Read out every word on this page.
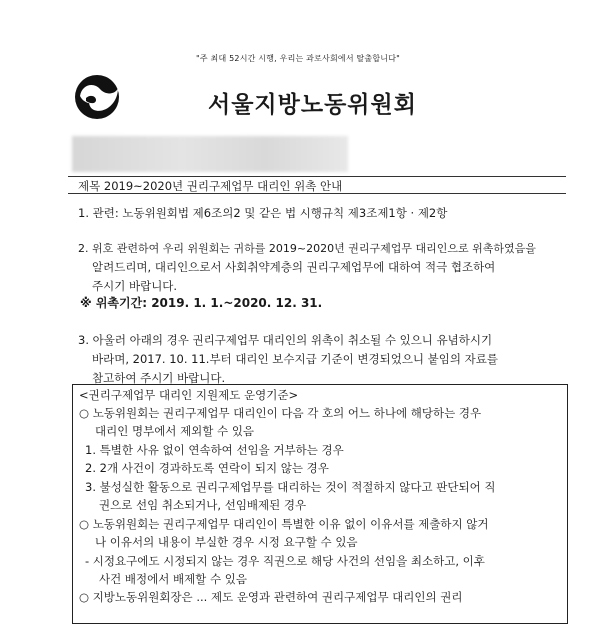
"주 최대 52시간 시행, 우리는 과로사회에서 탈출합니다"
서울지방노동위원회
제목 2019~2020년 권리구제업무 대리인 위촉 안내
1. 관련: 노동위원회법 제6조의2 및 같은 법 시행규칙 제3조제1항 · 제2항
2. 위호 관련하여 우리 위원회는 귀하를 2019~2020년 권리구제업무 대리인으로 위촉하였음을
알려드리며, 대리인으로서 사회취약계층의 권리구제업무에 대하여 적극 협조하여
주시기 바랍니다.
※ 위촉기간: 2019. 1. 1.~2020. 12. 31.
3. 아울러 아래의 경우 권리구제업무 대리인의 위촉이 취소될 수 있으니 유념하시기
바라며, 2017. 10. 11.부터 대리인 보수지급 기준이 변경되었으니 붙임의 자료를
참고하여 주시기 바랍니다.
<권리구제업무 대리인 지원제도 운영기준>
○ 노동위원회는 권리구제업무 대리인이 다음 각 호의 어느 하나에 해당하는 경우
대리인 명부에서 제외할 수 있음
1. 특별한 사유 없이 연속하여 선임을 거부하는 경우
2. 2개 사건이 경과하도록 연락이 되지 않는 경우
3. 불성실한 활동으로 권리구제업무를 대리하는 것이 적절하지 않다고 판단되어 직
권으로 선임 취소되거나, 선임배제된 경우
○ 노동위원회는 권리구제업무 대리인이 특별한 이유 없이 이유서를 제출하지 않거
나 이유서의 내용이 부실한 경우 시정 요구할 수 있음
- 시정요구에도 시정되지 않는 경우 직권으로 해당 사건의 선임을 최소하고, 이후
사건 배정에서 배제할 수 있음
○ 지방노동위원회장은 ... 제도 운영과 관련하여 권리구제업무 대리인의 권리
